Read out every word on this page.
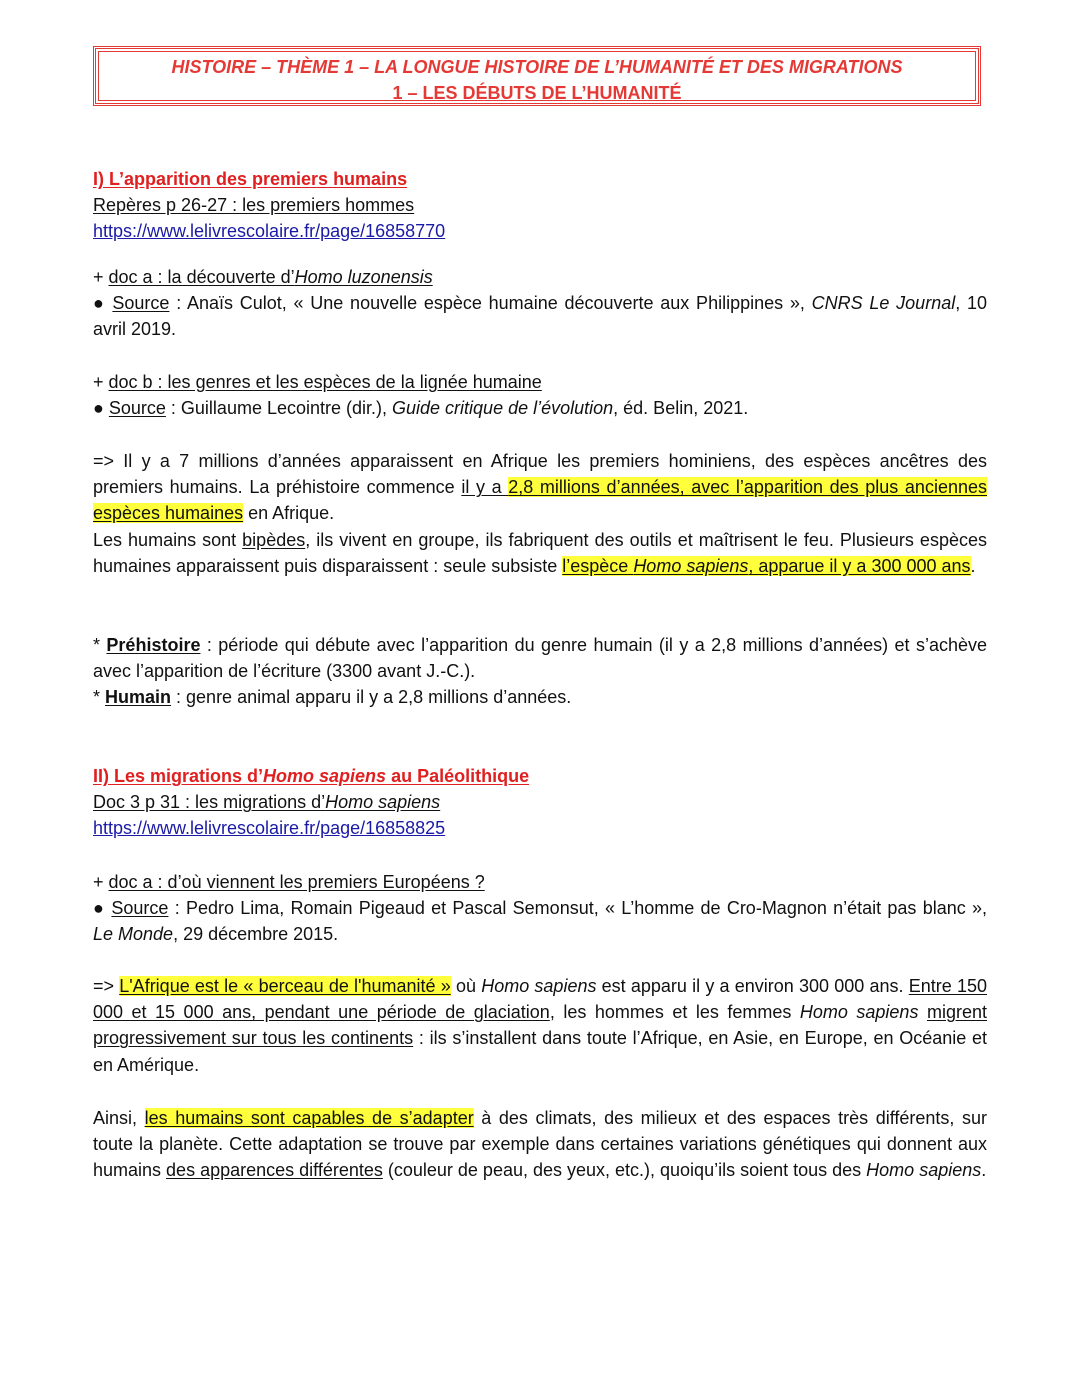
HISTOIRE – THÈME 1 – LA LONGUE HISTOIRE DE L’HUMANITÉ ET DES MIGRATIONS
1 – LES DÉBUTS DE L’HUMANITÉ

I) L’apparition des premiers humains

Repères p 26-27 : les premiers hommes

https://www.lelivrescolaire.fr/page/16858770

+ doc a : la découverte d’Homo luzonensis

● Source : Anaïs Culot, « Une nouvelle espèce humaine découverte aux Philippines », CNRS Le Journal, 10 avril 2019.

+ doc b : les genres et les espèces de la lignée humaine

● Source : Guillaume Lecointre (dir.), Guide critique de l’évolution, éd. Belin, 2021.

=> Il y a 7 millions d’années apparaissent en Afrique les premiers hominiens, des espèces ancêtres des premiers humains. La préhistoire commence il y a 2,8 millions d’années, avec l’apparition des plus anciennes espèces humaines en Afrique.

Les humains sont bipèdes, ils vivent en groupe, ils fabriquent des outils et maîtrisent le feu. Plusieurs espèces humaines apparaissent puis disparaissent : seule subsiste l’espèce Homo sapiens, apparue il y a 300 000 ans.

* Préhistoire : période qui débute avec l’apparition du genre humain (il y a 2,8 millions d’années) et s’achève avec l’apparition de l’écriture (3300 avant J.-C.).

* Humain : genre animal apparu il y a 2,8 millions d’années.

II) Les migrations d’Homo sapiens au Paléolithique

Doc 3 p 31 : les migrations d’Homo sapiens

https://www.lelivrescolaire.fr/page/16858825

+ doc a : d’où viennent les premiers Européens ?

● Source : Pedro Lima, Romain Pigeaud et Pascal Semonsut, « L’homme de Cro-Magnon n’était pas blanc », Le Monde, 29 décembre 2015.

=> L'Afrique est le « berceau de l'humanité » où Homo sapiens est apparu il y a environ 300 000 ans. Entre 150 000 et 15 000 ans, pendant une période de glaciation, les hommes et les femmes Homo sapiens migrent progressivement sur tous les continents : ils s’installent dans toute l’Afrique, en Asie, en Europe, en Océanie et en Amérique.

Ainsi, les humains sont capables de s’adapter à des climats, des milieux et des espaces très différents, sur toute la planète. Cette adaptation se trouve par exemple dans certaines variations génétiques qui donnent aux humains des apparences différentes (couleur de peau, des yeux, etc.), quoiqu’ils soient tous des Homo sapiens.
